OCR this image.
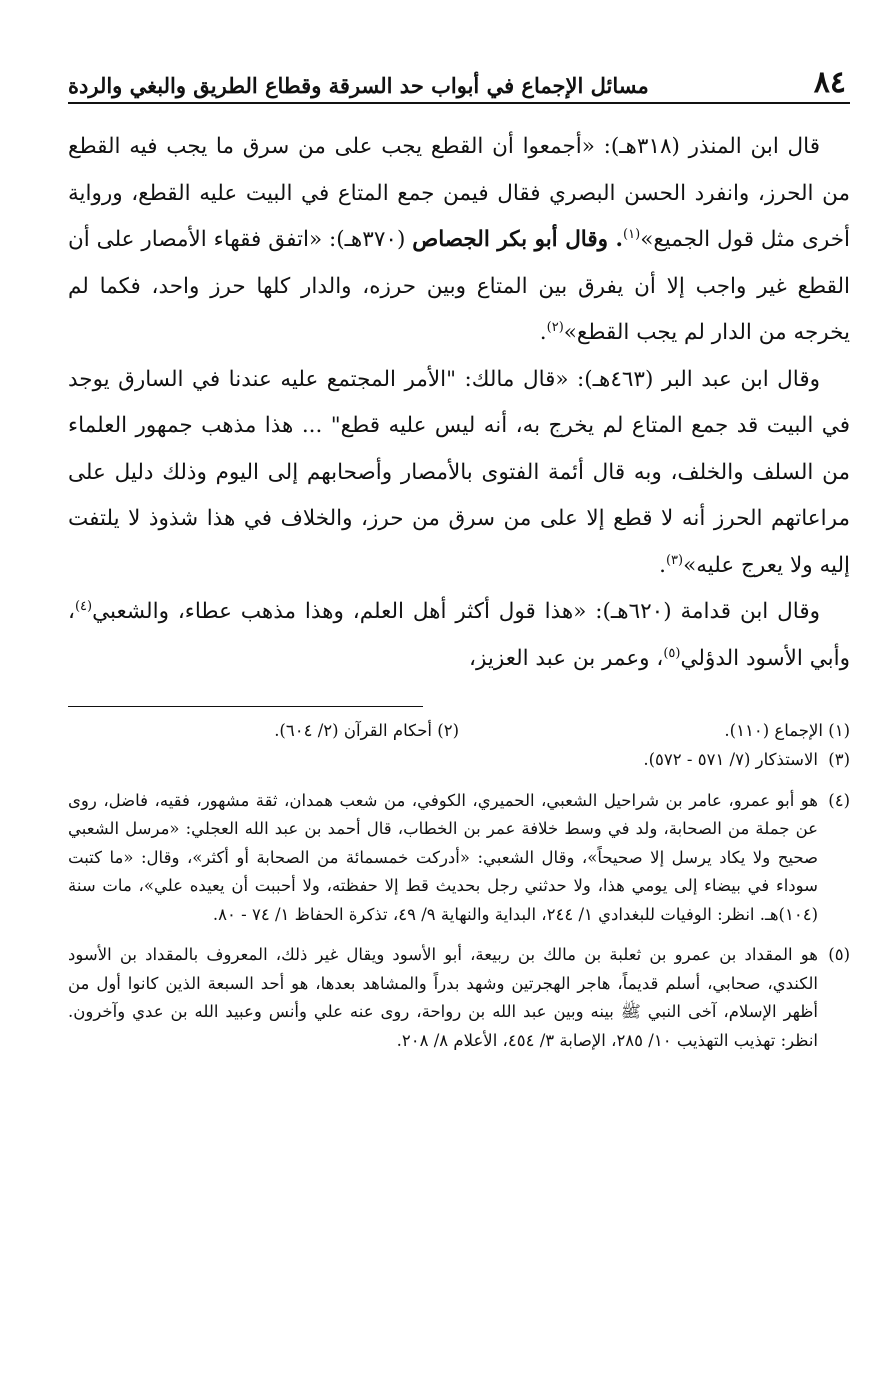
٨٤
مسائل الإجماع في أبواب حد السرقة وقطاع الطريق والبغي والردة

قال ابن المنذر (٣١٨هـ): «أجمعوا أن القطع يجب على من سرق ما يجب فيه القطع من الحرز، وانفرد الحسن البصري فقال فيمن جمع المتاع في البيت عليه القطع، ورواية أخرى مثل قول الجميع»$^{(١)}$. وقال أبو بكر الجصاص (٣٧٠هـ): «اتفق فقهاء الأمصار على أن القطع غير واجب إلا أن يفرق بين المتاع وبين حرزه، والدار كلها حرز واحد، فكما لم يخرجه من الدار لم يجب القطع»$^{(٢)}$.

وقال ابن عبد البر (٤٦٣هـ): «قال مالك: "الأمر المجتمع عليه عندنا في السارق يوجد في البيت قد جمع المتاع لم يخرج به، أنه ليس عليه قطع" ... هذا مذهب جمهور العلماء من السلف والخلف، وبه قال أئمة الفتوى بالأمصار وأصحابهم إلى اليوم وذلك دليل على مراعاتهم الحرز أنه لا قطع إلا على من سرق من حرز، والخلاف في هذا شذوذ لا يلتفت إليه ولا يعرج عليه»$^{(٣)}$.

وقال ابن قدامة (٦٢٠هـ): «هذا قول أكثر أهل العلم، وهذا مذهب عطاء، والشعبي$^{(٤)}$، وأبي الأسود الدؤلي$^{(٥)}$، وعمر بن عبد العزيز،

(١) الإجماع (١١٠).
(٢) أحكام القرآن (٢/ ٦٠٤).
(٣)
الاستذكار (٧/ ٥٧١ - ٥٧٢).
(٤)
هو أبو عمرو، عامر بن شراحيل الشعبي، الحميري، الكوفي، من شعب همدان، ثقة مشهور، فقيه، فاضل، روى عن جملة من الصحابة، ولد في وسط خلافة عمر بن الخطاب، قال أحمد بن عبد الله العجلي: «مرسل الشعبي صحيح ولا يكاد يرسل إلا صحيحاً»، وقال الشعبي: «أدركت خمسمائة من الصحابة أو أكثر»، وقال: «ما كتبت سوداء في بيضاء إلى يومي هذا، ولا حدثني رجل بحديث قط إلا حفظته، ولا أحببت أن يعيده علي»، مات سنة (١٠٤)هـ. انظر: الوفيات للبغدادي ١/ ٢٤٤، البداية والنهاية ٩/ ٤٩، تذكرة الحفاظ ١/ ٧٤ - ٨٠.
(٥)
هو المقداد بن عمرو بن ثعلبة بن مالك بن ربيعة، أبو الأسود ويقال غير ذلك، المعروف بالمقداد بن الأسود الكندي، صحابي، أسلم قديماً، هاجر الهجرتين وشهد بدراً والمشاهد بعدها، هو أحد السبعة الذين كانوا أول من أظهر الإسلام، آخى النبي ﷺ بينه وبين عبد الله بن رواحة، روى عنه علي وأنس وعبيد الله بن عدي وآخرون. انظر: تهذيب التهذيب ١٠/ ٢٨٥، الإصابة ٣/ ٤٥٤، الأعلام ٨/ ٢٠٨.
